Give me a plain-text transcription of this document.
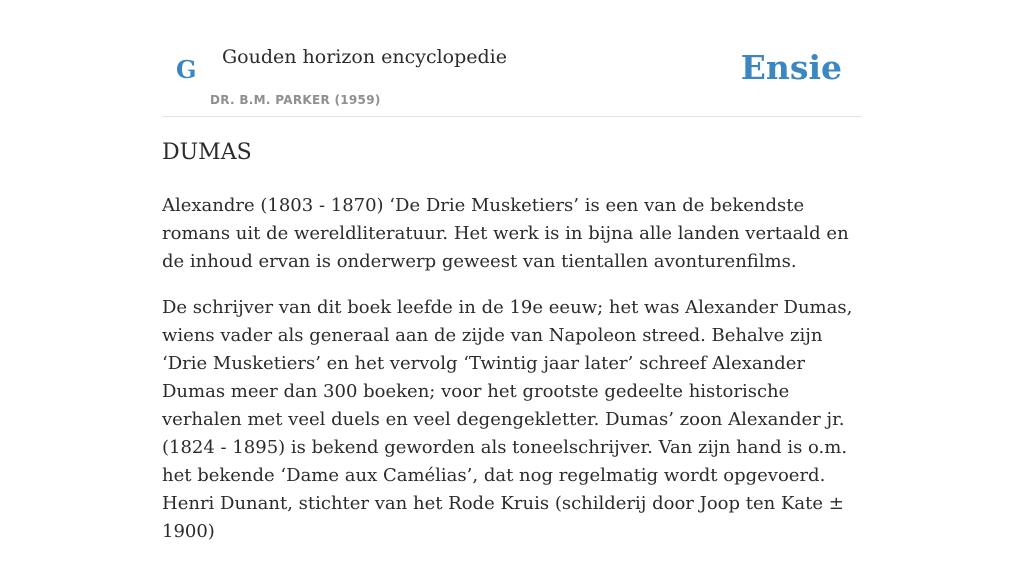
G Gouden horizon encyclopedie
DR. B.M. PARKER (1959)
Ensie
DUMAS

Alexandre (1803 - 1870) ‘De Drie Musketiers’ is een van de bekendste romans uit de wereldliteratuur. Het werk is in bijna alle landen vertaald en de inhoud ervan is onderwerp geweest van tientallen avonturenfilms.

De schrijver van dit boek leefde in de 19e eeuw; het was Alexander Dumas, wiens vader als generaal aan de zijde van Napoleon streed. Behalve zijn ‘Drie Musketiers’ en het vervolg ‘Twintig jaar later’ schreef Alexander Dumas meer dan 300 boeken; voor het grootste gedeelte historische verhalen met veel duels en veel degengekletter. Dumas’ zoon Alexander jr. (1824 - 1895) is bekend geworden als toneelschrijver. Van zijn hand is o.m. het bekende ‘Dame aux Camélias’, dat nog regelmatig wordt opgevoerd. Henri Dunant, stichter van het Rode Kruis (schilderij door Joop ten Kate ± 1900)
